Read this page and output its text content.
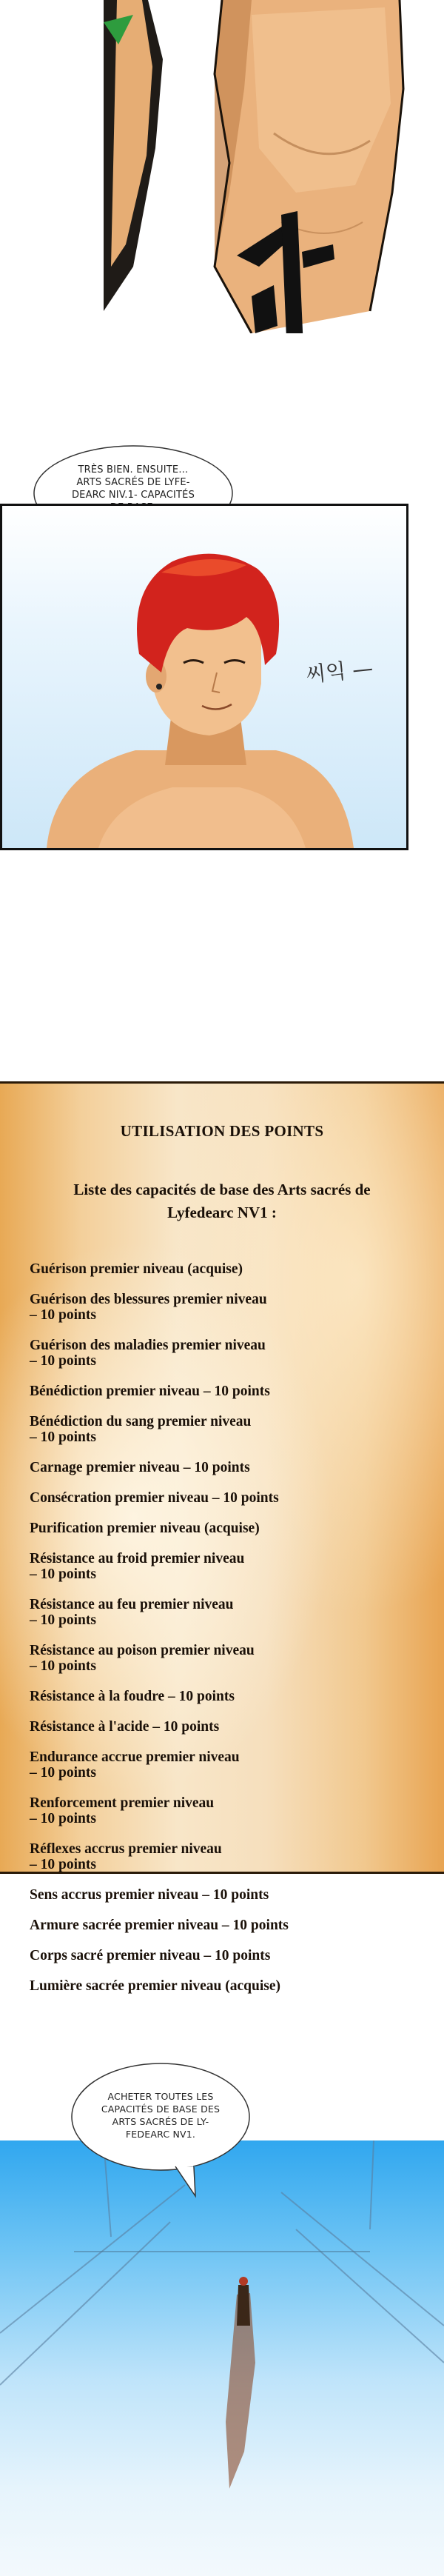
TRÈS BIEN. ENSUITE…
ARTS SACRÉS DE LYFE-
DEARC NIV.1- CAPACITÉS

씨익 —
UTILISATION DES POINTS
Liste des capacités de base des Arts sacrés de Lyfedearc NV1 :
Guérison premier niveau (acquise)
Guérison des blessures premier niveau
– 10 points
Guérison des maladies premier niveau
– 10 points
Bénédiction premier niveau – 10 points
Bénédiction du sang premier niveau
– 10 points
Carnage premier niveau – 10 points
Consécration premier niveau – 10 points
Purification premier niveau (acquise)
Résistance au froid premier niveau
– 10 points
Résistance au feu premier niveau
– 10 points
Résistance au poison premier niveau
– 10 points
Résistance à la foudre – 10 points
Résistance à l'acide – 10 points
Endurance accrue premier niveau
– 10 points
Renforcement premier niveau
– 10 points
Réflexes accrus premier niveau
– 10 points
Sens accrus premier niveau – 10 points
Armure sacrée premier niveau – 10 points
Corps sacré premier niveau – 10 points
Lumière sacrée premier niveau (acquise)
ACHETER TOUTES LES
CAPACITÉS DE BASE DES
ARTS SACRÉS DE LY-
FEDEARC NV1.
